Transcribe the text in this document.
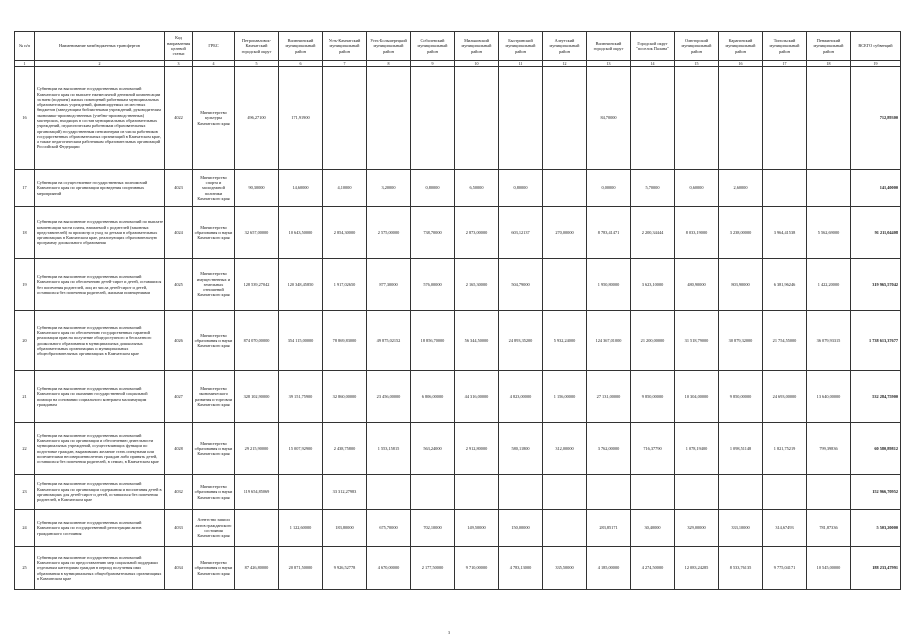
№ п/п	Наименование межбюджетных трансфертов	Код направления целевой статьи	ГРБС	Петропавловск-Камчатский городской округ	Вилючинский муниципальный район	Усть-Камчатский муниципальный район	Усть-Большерецкий муниципальный район	Соболевский муниципальный район	Мильковский муниципальный район	Быстринский муниципальный район	Алеутский муниципальный район	Вилючинский городской округ	Городской округ "поселок Палана"	Олюторский муниципальный район	Карагинский муниципальный район	Тигильский муниципальный район	Пенжинский муниципальный район	ВСЕГО субвенций
1	2	3	4	5	6	7	8	9	10	11	12	13	14	15	16	17	18	19
16	Субвенции на выполнение государственных полномочий Камчатского края по выплате ежемесячной денежной компенсации за наем (поднаем) жилых помещений работникам муниципальных образовательных учреждений, финансируемых из местных бюджетов (заведующим библиотеками учреждений, руководителям экономико-производственных (учебно-производственных) мастерских, входящих в состав муниципальных образовательных учреждений, педагогическим работникам образовательных организаций) государственным пенсионерам из числа работников государственных образовательных организаций в Камчатском крае, а также педагогическим работникам образовательных организаций Российской Федерации	4022	Министерство культуры Камчатского края	496,27100	171,91900							84,70000						712,89300
17	Субвенции на осуществление государственных полномочий Камчатского края по организации проведения спортивных мероприятий	4023	Министерство спорта и молодежной политики Камчатского края	90,30000	14,60000	4,10000	3,20000	0,80000	6,50000	0,80000		0,00000	5,70000	0,60000	2,60000			141,40000
18	Субвенции на выполнение государственных полномочий по выплате компенсации части платы, взимаемой с родителей (законных представителей) за присмотр и уход за детьми в образовательных организациях в Камчатском крае, реализующих образовательную программу дошкольного образования	4024	Министерство образования и науки Камчатского края	32 657,00000	10 643,50000	2 854,30000	2 575,00000	738,70000	2 873,00000	603,12137	270,00000	8 783,41471	2 200,34444	8 033,19000	3 238,00000	3 964,41538	5 562,69000	91 211,04408
19	Субвенции на выполнение государственных полномочий Камчатского края по обеспечению детей-сирот и детей, оставшихся без попечения родителей, лиц из числа детей-сирот и детей, оставшихся без попечения родителей, жилыми помещениями	4025	Министерство имущественных и земельных отношений Камчатского края	128 539,27042	120 348,45850	1 917,02650	877,30000	576,00000	2 165,30000	504,79000		1 950,80000	3 623,10000	480,90000	803,90000	6 381,96246	1 422,20000	319 965,57042
20	Субвенции на выполнение государственных полномочий Камчатского края по обеспечению государственных гарантий реализации прав на получение общедоступного и бесплатного дошкольного образования в муниципальных дошкольных образовательных организациях и муниципальных общеобразовательных организациях в Камчатском крае	4026	Министерство образования и науки Камчатского края	874 070,00000	354 115,00000	78 869,83000	49 875,02152	18 856,70000	56 344,50000	24 893,35200	5 932,24000	124 367,01000	21 200,00000	31 518,79000	30 879,32000	21 754,55000	36 079,93315	1 738 613,37677
21	Субвенции на выполнение государственных полномочий Камчатского края по оказанию государственной социальной помощи на основании социального контракта малоимущим гражданам	4027	Министерство экономического развития и торговли Камчатского края	328 102,90000	39 151,75900	32 860,00000	23 456,00000	6 806,00000	44 316,00000	4 823,00000	1 156,00000	27 131,00000	9 850,00000	10 304,00000	9 850,00000	24 693,00000	13 640,00000	532 284,75900
22	Субвенции на выполнение государственных полномочий Камчатского края по организации и обеспечению деятельности муниципальных учреждений, осуществляющих функции по подготовке граждан, выразивших желание стать опекунами или попечителями несовершеннолетних граждан либо принять детей, оставшихся без попечения родителей, в семью, в Камчатском крае	4028	Министерство образования и науки Камчатского края	29 215,90000	15 007,92900	2 438,75800	1 553,15815	563,24000	2 912,80000	580,11800	312,00000	3 762,00000	716,37790	1 078,19400	1 098,51148	1 821,75219	799,39836	60 580,89812
23	Субвенции на выполнение государственных полномочий Камчатского края по организации содержания и воспитания детей в организациях для детей-сирот и детей, оставшихся без попечения родителей, в Камчатском крае	4032	Министерство образования и науки Камчатского края	119 654,85069		33 312,27983												152 966,70952
24	Субвенции на выполнение государственных полномочий Камчатского края по государственной регистрации актов гражданского состояния	4033	Агентство записи актов гражданского состояния Камчатского края		1 122,60000	183,80000	675,70000	702,10000	149,50000	150,00000		283,85171	30,40000	329,00000	333,10000	314,67493	781,87336	5 503,20000
25	Субвенции на выполнение государственных полномочий Камчатского края по предоставлению мер социальной поддержки отдельным категориям граждан в период получения ими образования в муниципальных общеобразовательных организациях в Камчатском крае	4034	Министерство образования и науки Камчатского края	87 426,80000	20 871,50000	9 926,52778	4 670,00000	2 177,50000	9 710,00000	4 783,13000	335,50000	4 185,00000	4 274,50000	12 083,24285	8 533,76135	9 775,04171	10 545,00000	188 233,47991
3
